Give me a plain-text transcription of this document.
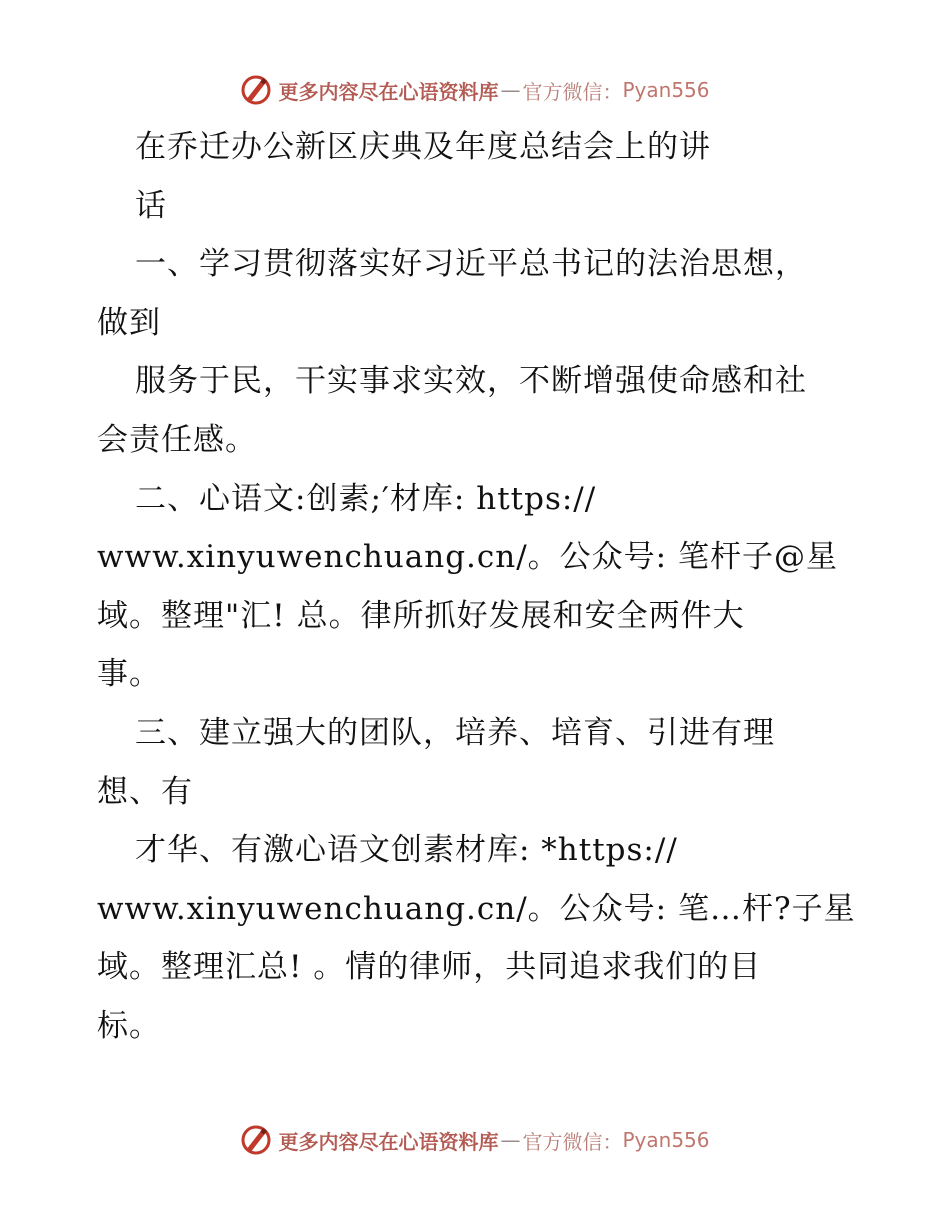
更多内容尽在心语资料库 — 官方微信： Pyan556
在乔迁办公新区庆典及年度总结会上的讲
话
一、学习贯彻落实好习近平总书记的法治思想，
做到
服务于民，干实事求实效，不断增强使命感和社
会责任感。
二、心语文:创素;′材库: https://
www.xinyuwenchuang.cn/。公众号: 笔杆子@星
域。整理"汇! 总。律所抓好发展和安全两件大
事。
三、建立强大的团队，培养、培育、引进有理
想、有
才华、有激心语文创素材库: *https://
www.xinyuwenchuang.cn/。公众号: 笔…杆?子星
域。整理汇总! 。情的律师，共同追求我们的目
标。
更多内容尽在心语资料库 — 官方微信： Pyan556
